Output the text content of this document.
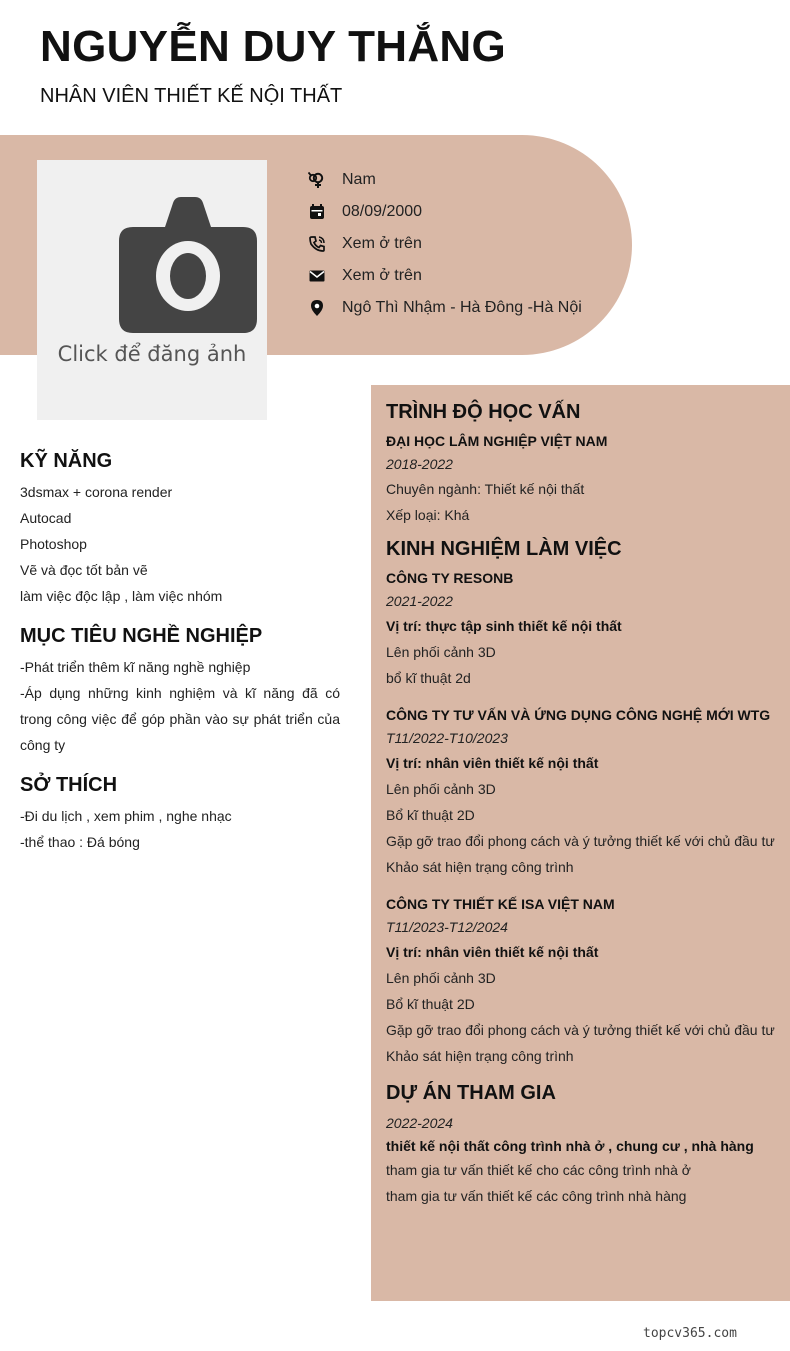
NGUYỄN DUY THẮNG
NHÂN VIÊN THIẾT KẾ NỘI THẤT
Click để đăng ảnh
Nam
08/09/2000
Xem ở trên
Xem ở trên
Ngô Thì Nhậm - Hà Đông -Hà Nội
KỸ NĂNG
3dsmax + corona render
Autocad
Photoshop
Vẽ và đọc tốt bản vẽ
làm việc độc lập , làm việc nhóm
MỤC TIÊU NGHỀ NGHIỆP
-Phát triển thêm kĩ năng nghề nghiệp
-Áp dụng những kinh nghiệm và kĩ năng đã có trong công việc để góp phần vào sự phát triển của công ty
SỞ THÍCH
-Đi du lịch , xem phim , nghe nhạc
-thể thao : Đá bóng
TRÌNH ĐỘ HỌC VẤN
ĐẠI HỌC LÂM NGHIỆP VIỆT NAM
2018-2022
Chuyên ngành: Thiết kế nội thất
Xếp loại: Khá
KINH NGHIỆM LÀM VIỆC
CÔNG TY RESONB
2021-2022
Vị trí: thực tập sinh thiết kế nội thất
Lên phối cảnh 3D
bổ kĩ thuật 2d
CÔNG TY TƯ VẤN VÀ ỨNG DỤNG CÔNG NGHỆ MỚI WTG
T11/2022-T10/2023
Vị trí: nhân viên thiết kế nội thất
Lên phối cảnh 3D
Bổ kĩ thuật 2D
Gặp gỡ trao đổi phong cách và ý tưởng thiết kế với chủ đầu tư
Khảo sát hiện trạng công trình
CÔNG TY THIẾT KẾ ISA VIỆT NAM
T11/2023-T12/2024
Vị trí: nhân viên thiết kế nội thất
Lên phối cảnh 3D
Bổ kĩ thuật 2D
Gặp gỡ trao đổi phong cách và ý tưởng thiết kế với chủ đầu tư
Khảo sát hiện trạng công trình
DỰ ÁN THAM GIA
2022-2024
thiết kế nội thất công trình nhà ở , chung cư , nhà hàng
tham gia tư vấn thiết kế cho các công trình nhà ở
tham gia tư vấn thiết kế các công trình nhà hàng
topcv365.com
